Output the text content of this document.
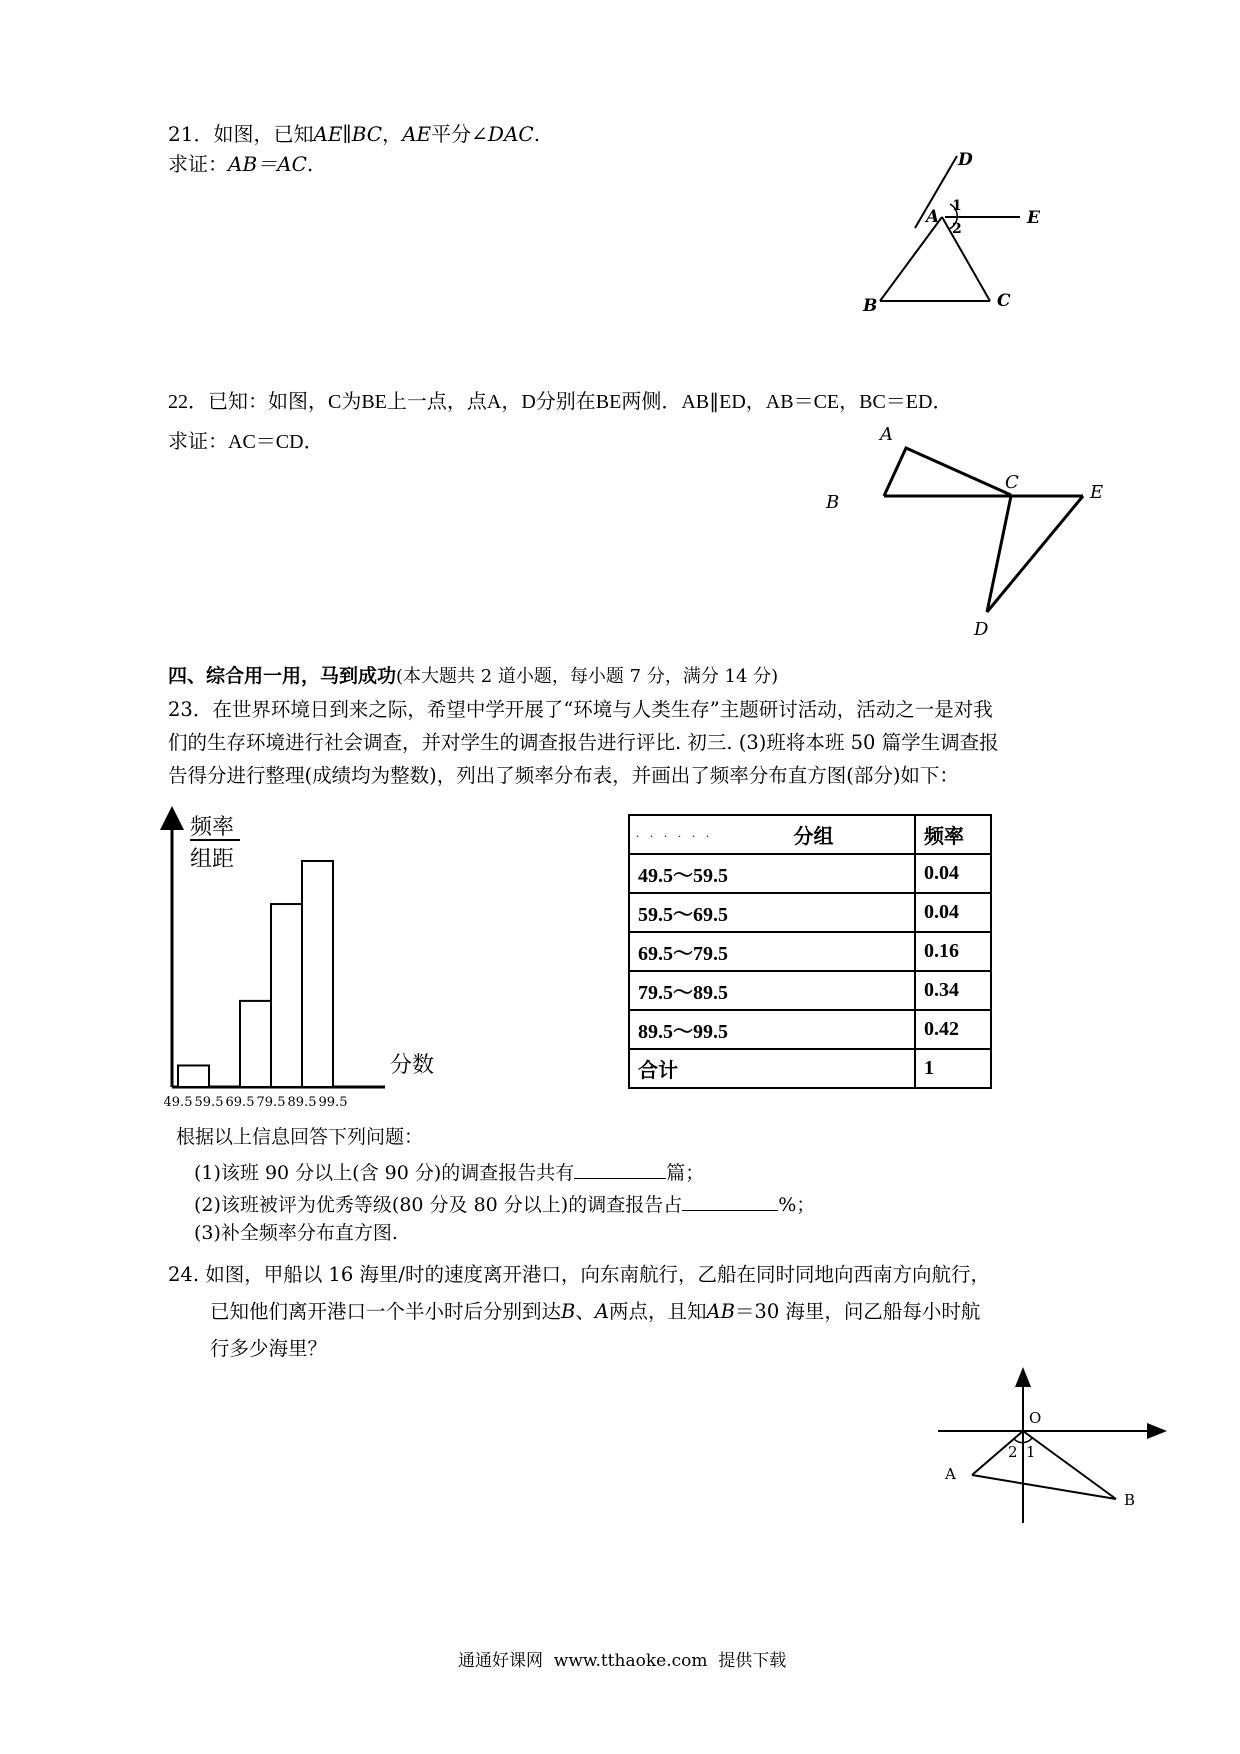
21．如图，已知AE∥BC，AE平分∠DAC.
求证：AB＝AC.	D
A
1
2
E
B	C
22．已知：如图，C为BE上一点，点A，D分别在BE两侧．AB∥ED，AB＝CE，BC＝ED．
求证：AC＝CD．	A
B
C	E
D
四、综合用一用，马到成功(本大题共 2 道小题，每小题 7 分，满分 14 分)
23．在世界环境日到来之际，希望中学开展了“环境与人类生存”主题研讨活动，活动之一是对我
们的生存环境进行社会调查，并对学生的调查报告进行评比. 初三. (3)班将本班 50 篇学生调查报
告得分进行整理(成绩均为整数)，列出了频率分布表，并画出了频率分布直方图(部分)如下：
频率
组距
分数
49.5 59.5 69.5 79.5 89.5 99.5
. . . . . . 分组	频率
49.5～59.5	0.04
59.5～69.5	0.04
69.5～79.5	0.16
79.5～89.5	0.34
89.5～99.5	0.42
合计	1
根据以上信息回答下列问题：
(1)该班 90 分以上(含 90 分)的调查报告共有	篇；
(2)该班被评为优秀等级(80 分及 80 分以上)的调查报告占	%；
(3)补全频率分布直方图.
24. 如图，甲船以 16 海里/时的速度离开港口，向东南航行，乙船在同时同地向西南方向航行，
已知他们离开港口一个半小时后分别到达B、A两点，且知AB＝30 海里，问乙船每小时航
行多少海里？
O
2 1
A
B
通通好课网  www.tthaoke.com  提供下载
